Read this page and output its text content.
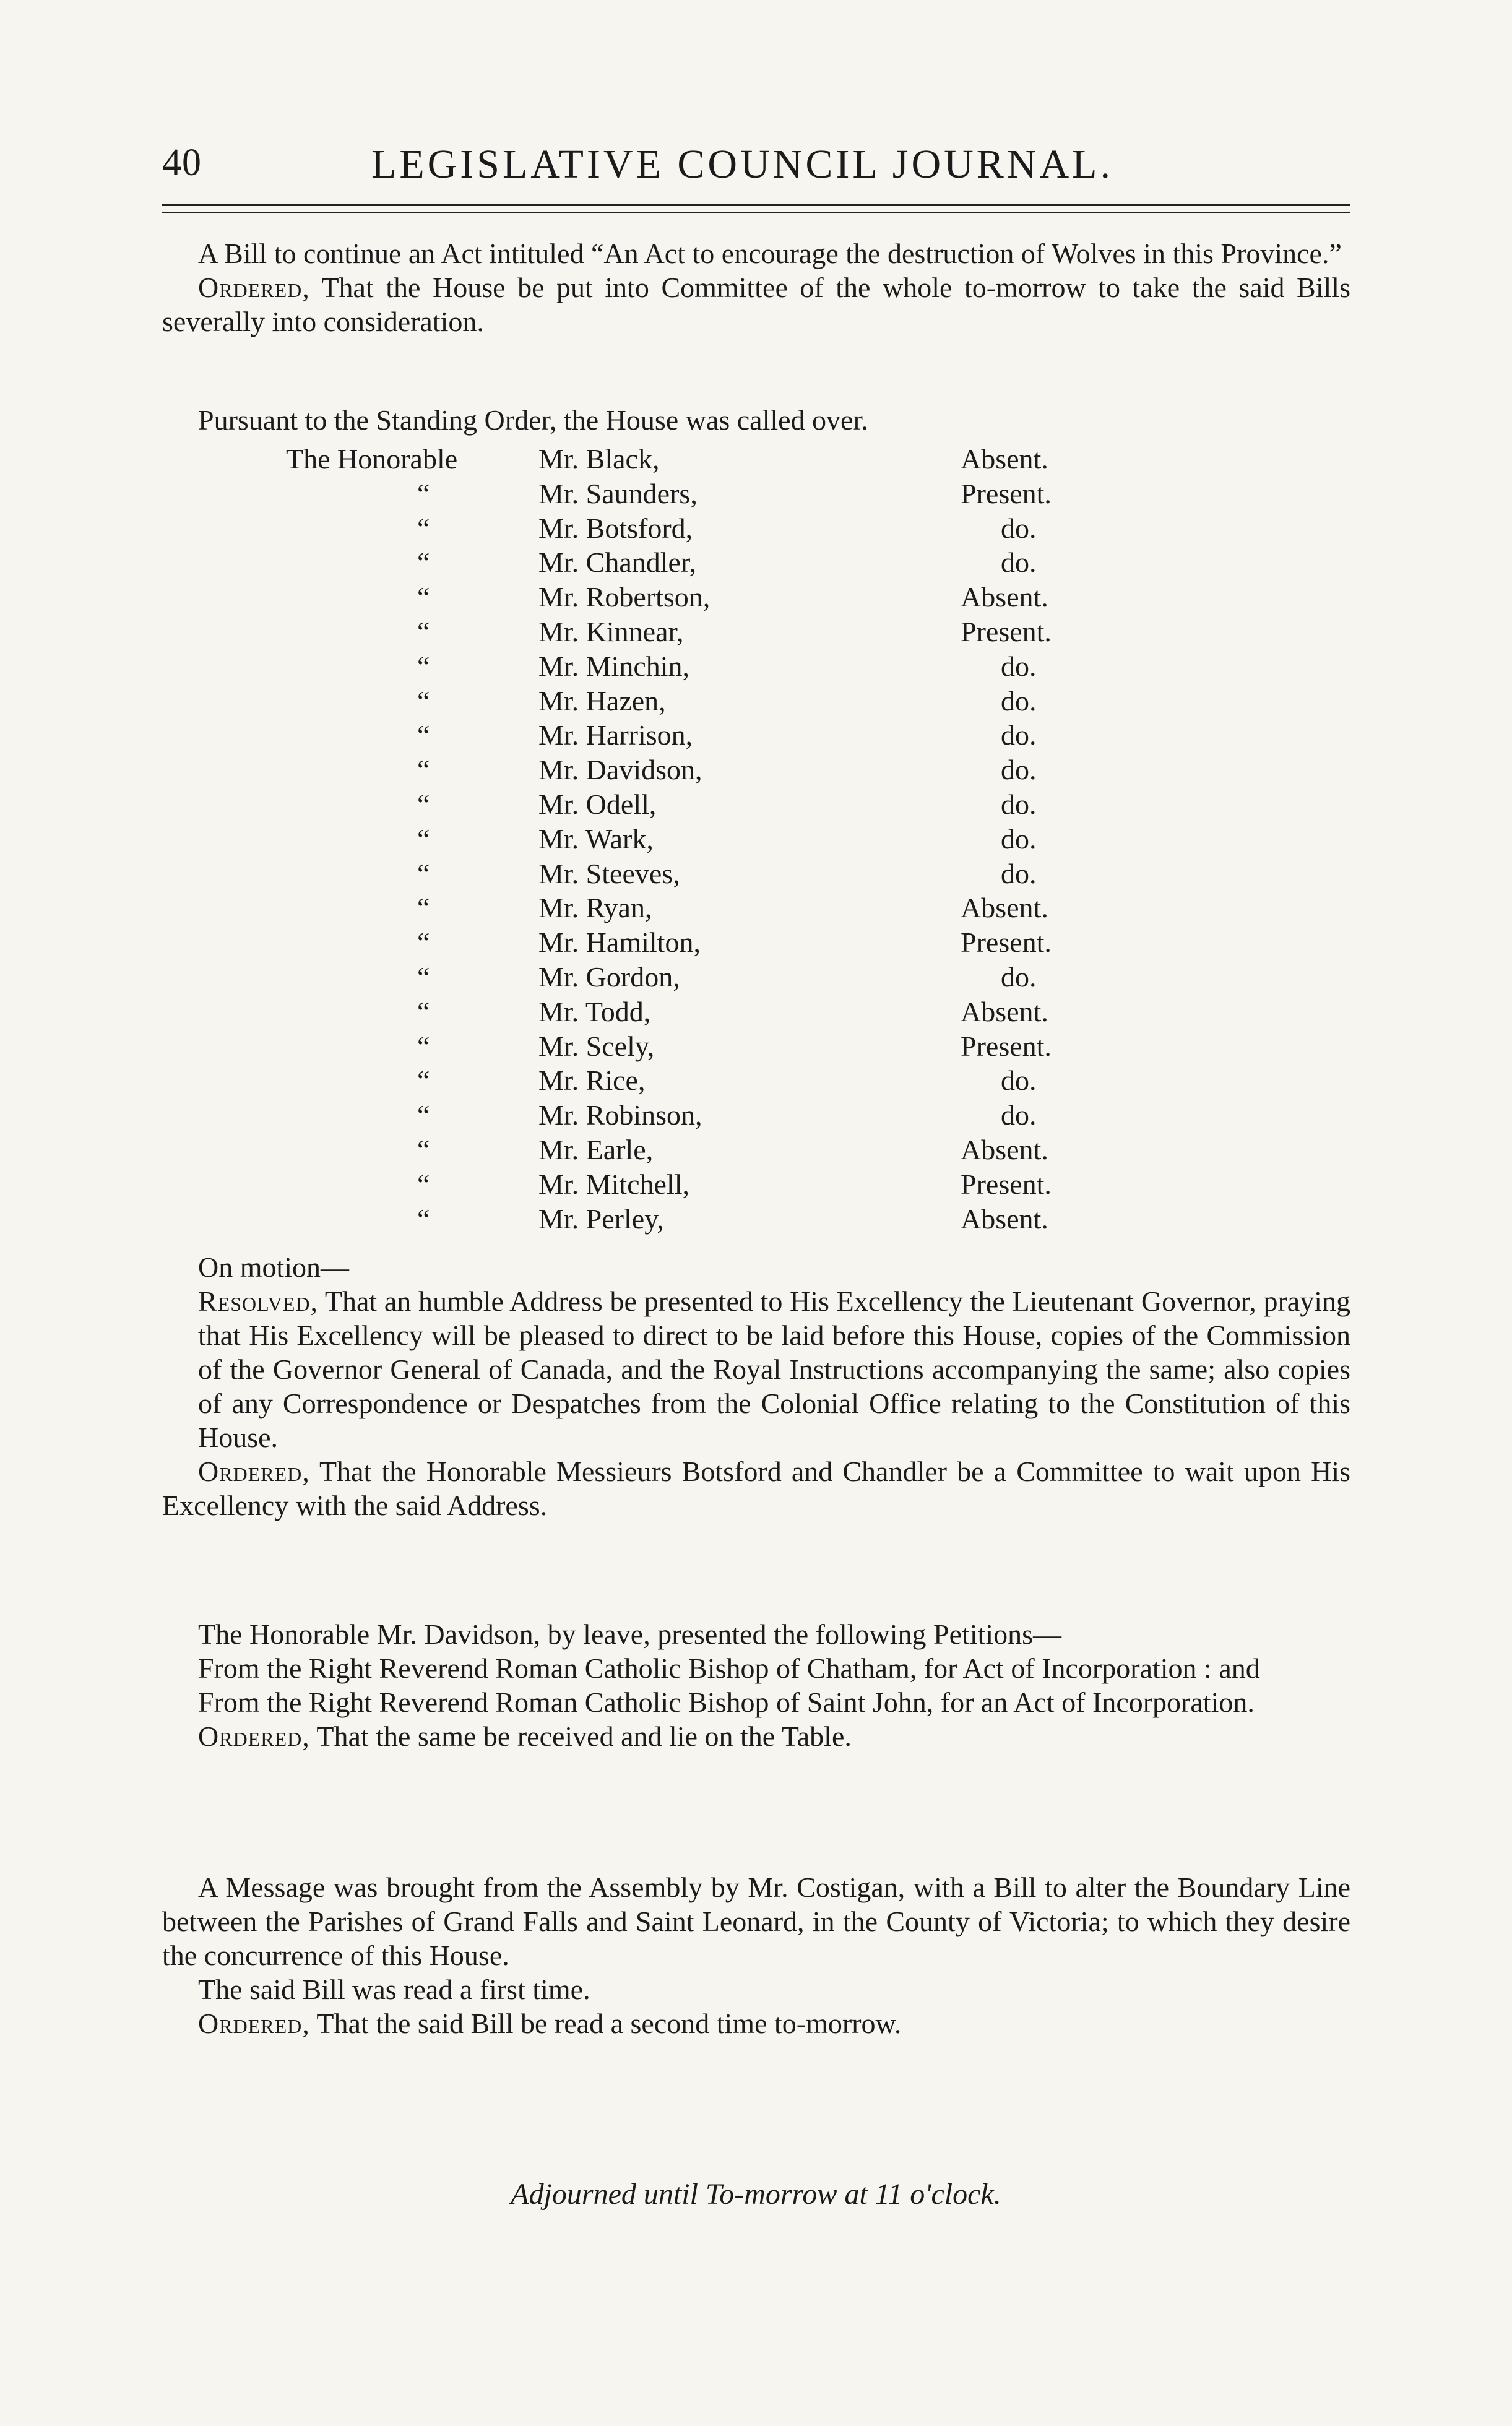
40	LEGISLATIVE COUNCIL JOURNAL.

A Bill to continue an Act intituled “An Act to encourage the destruction of Wolves in this Province.”

Ordered, That the House be put into Committee of the whole to-morrow to take the said Bills severally into consideration.

Pursuant to the Standing Order, the House was called over.

The Honorable	Mr. Black,	Absent.
“	Mr. Saunders,	Present.
“	Mr. Botsford,	do.
“	Mr. Chandler,	do.
“	Mr. Robertson,	Absent.
“	Mr. Kinnear,	Present.
“	Mr. Minchin,	do.
“	Mr. Hazen,	do.
“	Mr. Harrison,	do.
“	Mr. Davidson,	do.
“	Mr. Odell,	do.
“	Mr. Wark,	do.
“	Mr. Steeves,	do.
“	Mr. Ryan,	Absent.
“	Mr. Hamilton,	Present.
“	Mr. Gordon,	do.
“	Mr. Todd,	Absent.
“	Mr. Scely,	Present.
“	Mr. Rice,	do.
“	Mr. Robinson,	do.
“	Mr. Earle,	Absent.
“	Mr. Mitchell,	Present.
“	Mr. Perley,	Absent.

On motion—

Resolved, That an humble Address be presented to His Excellency the Lieutenant Governor, praying that His Excellency will be pleased to direct to be laid before this House, copies of the Commission of the Governor General of Canada, and the Royal Instructions accompanying the same; also copies of any Correspondence or Despatches from the Colonial Office relating to the Constitution of this House.

Ordered, That the Honorable Messieurs Botsford and Chandler be a Committee to wait upon His Excellency with the said Address.

The Honorable Mr. Davidson, by leave, presented the following Petitions—

From the Right Reverend Roman Catholic Bishop of Chatham, for Act of Incorporation : and

From the Right Reverend Roman Catholic Bishop of Saint John, for an Act of Incorporation.

Ordered, That the same be received and lie on the Table.

A Message was brought from the Assembly by Mr. Costigan, with a Bill to alter the Boundary Line between the Parishes of Grand Falls and Saint Leonard, in the County of Victoria; to which they desire the concurrence of this House.

The said Bill was read a first time.

Ordered, That the said Bill be read a second time to-morrow.

Adjourned until To-morrow at 11 o'clock.
